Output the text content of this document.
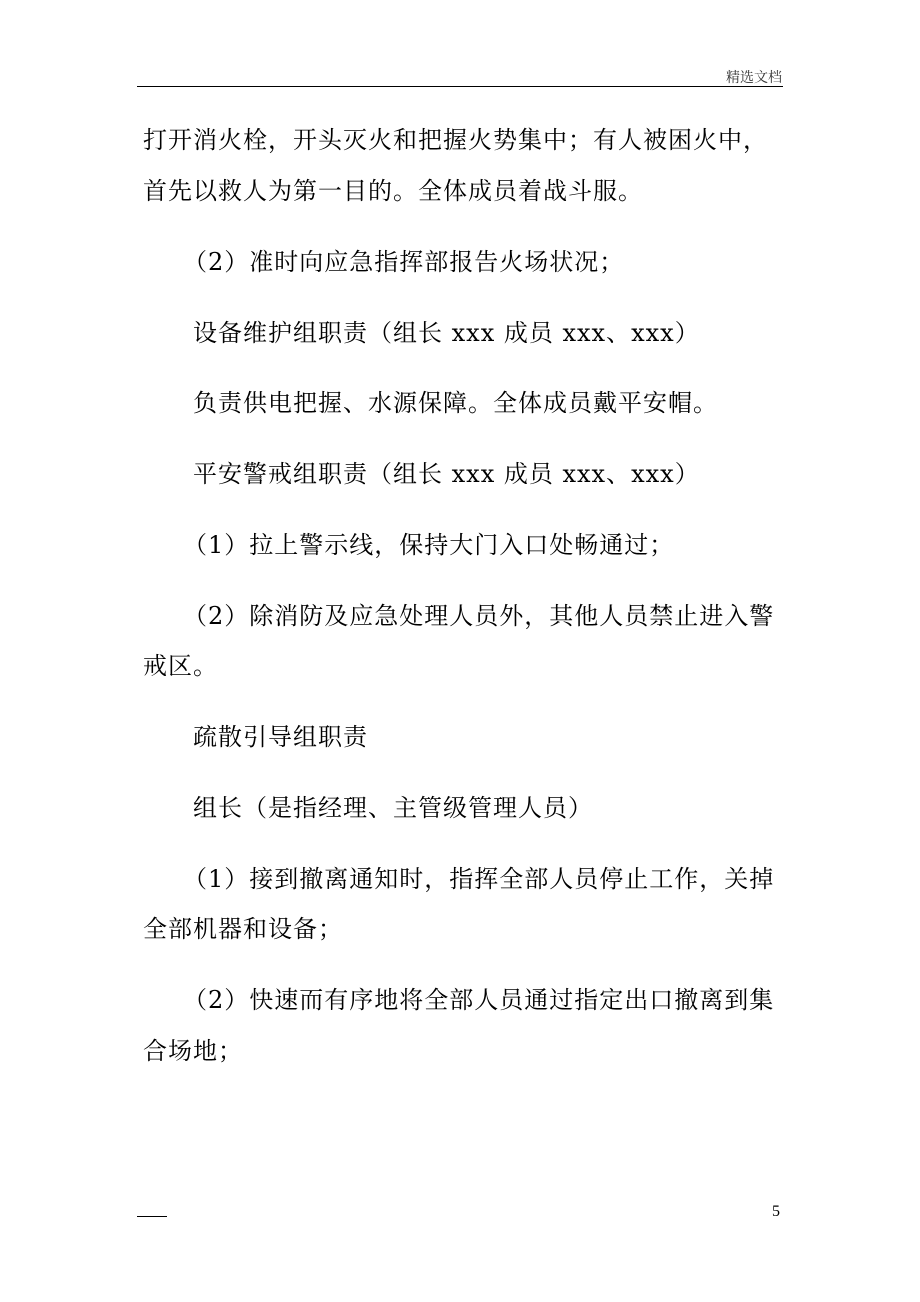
精选文档
打开消火栓，开头灭火和把握火势集中；有人被困火中，
首先以救人为第一目的。全体成员着战斗服。
（2）准时向应急指挥部报告火场状况；
设备维护组职责（组长 xxx 成员 xxx、xxx）
负责供电把握、水源保障。全体成员戴平安帽。
平安警戒组职责（组长 xxx 成员 xxx、xxx）
（1）拉上警示线，保持大门入口处畅通过；
（2）除消防及应急处理人员外，其他人员禁止进入警
戒区。
疏散引导组职责
组长（是指经理、主管级管理人员）
（1）接到撤离通知时，指挥全部人员停止工作，关掉
全部机器和设备；
（2）快速而有序地将全部人员通过指定出口撤离到集
合场地；
5
